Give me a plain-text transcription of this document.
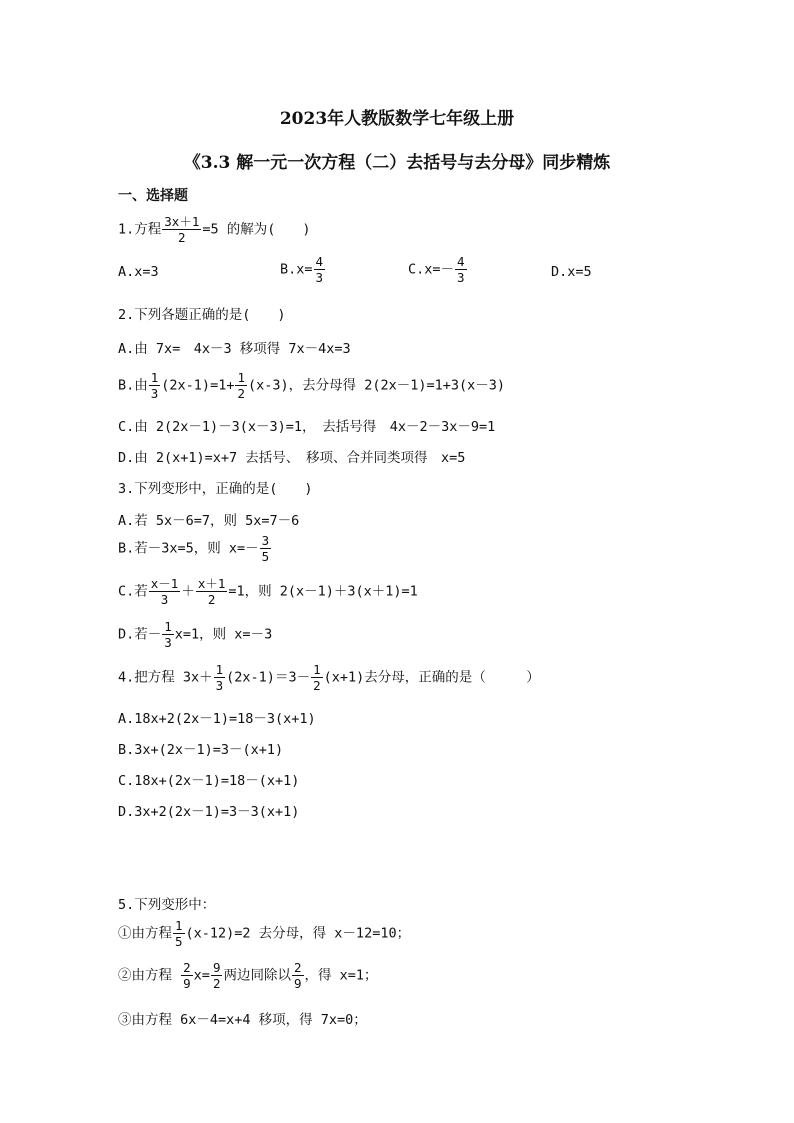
2023年人教版数学七年级上册
《3.3 解一元一次方程（二）去括号与去分母》同步精炼
一、选择题
1.方程 $\frac{3x+1}{2} =5$ 的解为(　　)
A.x=3	$B.x= \frac{4}{3}$	$C.x=- \frac{4}{3}$	D.x=5
2.下列各题正确的是(　　)
A.由 7x=　4x－3 移项得 7x－4x=3
B.由 $\frac{1}{3} (2x-1)=1+ \frac{1}{2} (x-3)$，去分母得 2(2x－1)=1+3(x－3)
C.由 2(2x－1)－3(x－3)=1，　去括号得　4x－2－3x－9=1
D.由 2(x+1)=x+7 去括号、　移项、合并同类项得　x=5
3.下列变形中，正确的是(　　)
A.若 5x－6=7，则 5x=7－6
B.若－3x=5，则 $x=- \frac{3}{5}$
C.若 $\frac{x-1}{3} + \frac{x+1}{2} =1$，则 2(x－1)＋3(x＋1)=1
D.若－ $\frac{1}{3} x=1$，则 x=－3
4.把方程 $3x+ \frac{1}{3} (2x-1)=3- \frac{1}{2} (x+1)$去分母，正确的是（　　　）
A.18x+2(2x－1)=18－3(x+1)
B.3x+(2x－1)=3－(x+1)
C.18x+(2x－1)=18－(x+1)
D.3x+2(2x－1)=3－3(x+1)
5.下列变形中：
①由方程 $\frac{1}{5} (x-12)=2$ 去分母，得 x－12=10；
②由方程 $\frac{2}{9} x= \frac{9}{2}$ 两边同除以 $\frac{2}{9}$ ，得 x=1；
③由方程 6x－4=x+4 移项，得 7x=0；
